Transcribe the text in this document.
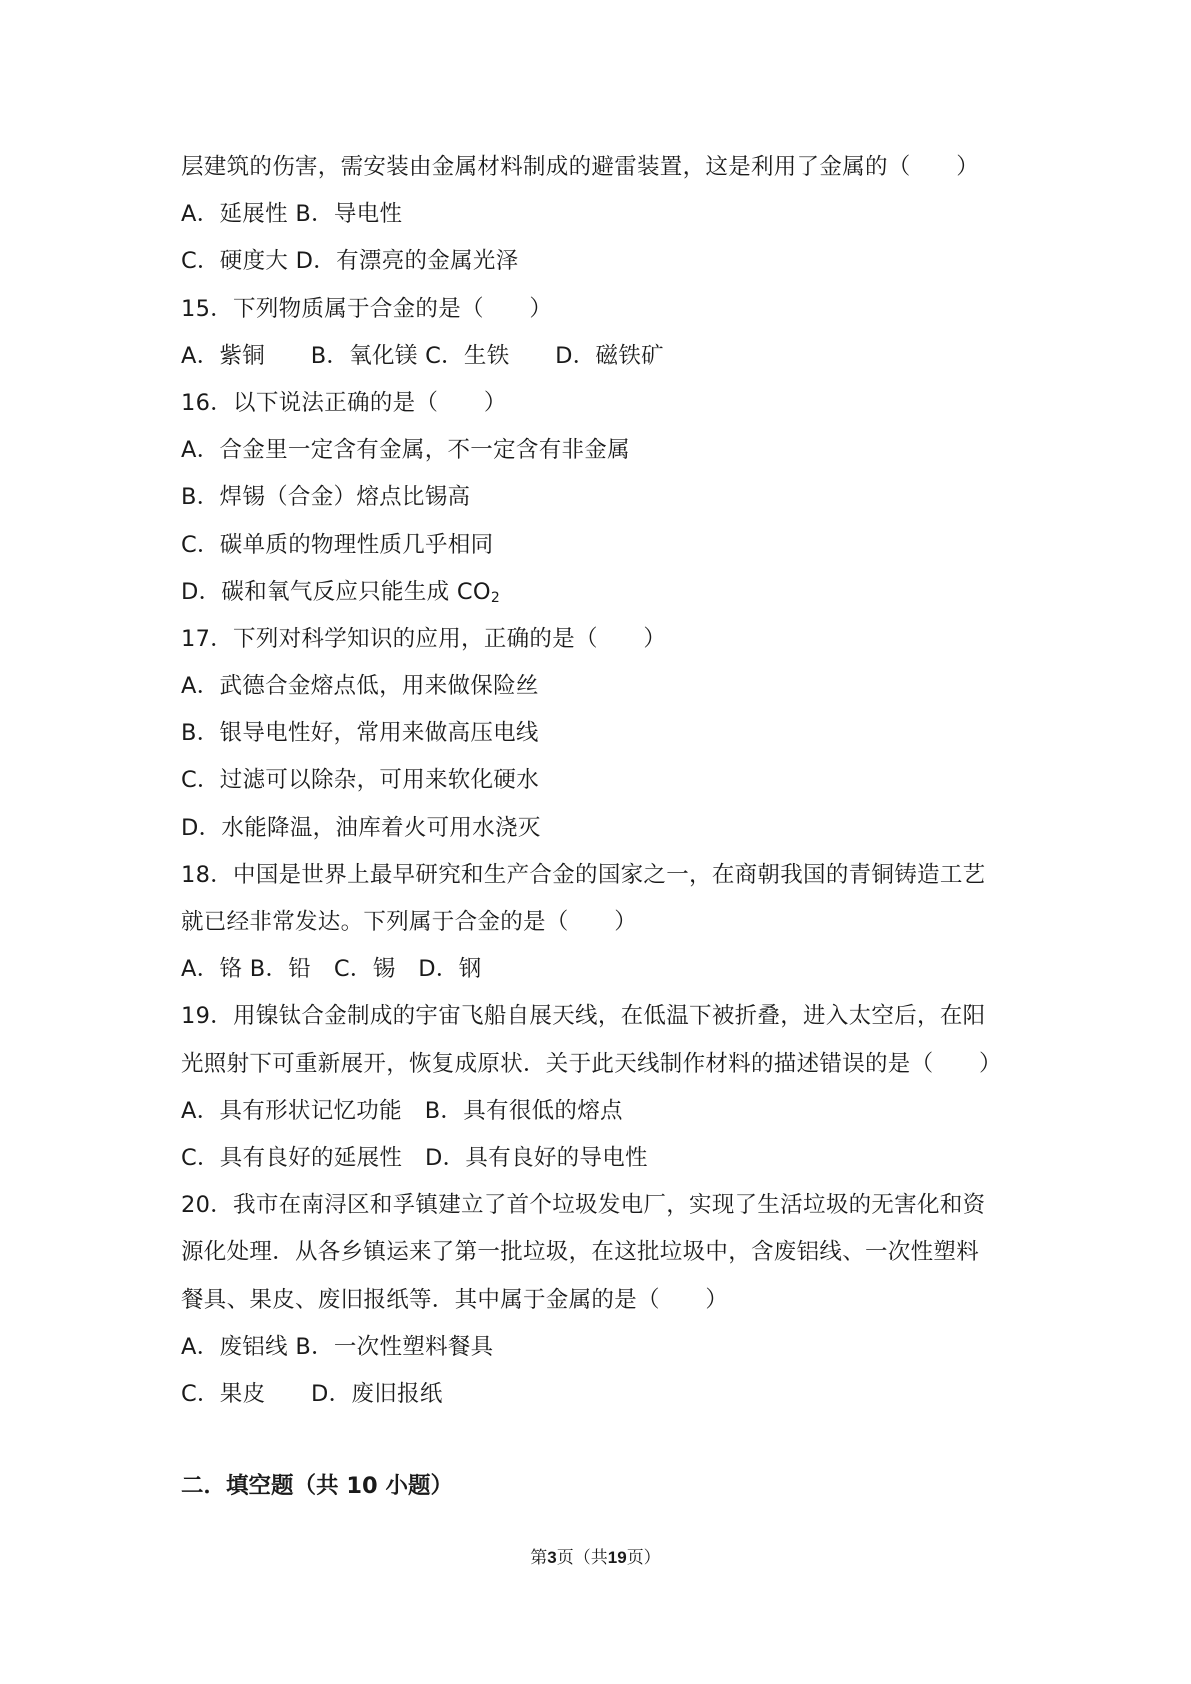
层建筑的伤害，需安装由金属材料制成的避雷装置，这是利用了金属的（　　）
A．延展性 B．导电性
C．硬度大 D．有漂亮的金属光泽
15．下列物质属于合金的是（　　）
A．紫铜　　B．氧化镁 C．生铁　　D．磁铁矿
16．以下说法正确的是（　　）
A．合金里一定含有金属，不一定含有非金属
B．焊锡（合金）熔点比锡高
C．碳单质的物理性质几乎相同
D．碳和氧气反应只能生成 $CO_2$
17．下列对科学知识的应用，正确的是（　　）
A．武德合金熔点低，用来做保险丝
B．银导电性好，常用来做高压电线
C．过滤可以除杂，可用来软化硬水
D．水能降温，油库着火可用水浇灭
18．中国是世界上最早研究和生产合金的国家之一，在商朝我国的青铜铸造工艺
就已经非常发达。下列属于合金的是（　　）
A．铬 B．铅　C．锡　D．钢
19．用镍钛合金制成的宇宙飞船自展天线，在低温下被折叠，进入太空后，在阳
光照射下可重新展开，恢复成原状．关于此天线制作材料的描述错误的是（　　）
A．具有形状记忆功能　B．具有很低的熔点
C．具有良好的延展性　D．具有良好的导电性
20．我市在南浔区和孚镇建立了首个垃圾发电厂，实现了生活垃圾的无害化和资
源化处理．从各乡镇运来了第一批垃圾，在这批垃圾中，含废铝线、一次性塑料
餐具、果皮、废旧报纸等．其中属于金属的是（　　）
A．废铝线 B．一次性塑料餐具
C．果皮　　D．废旧报纸
二．填空题（共 10 小题）
第3页（共19页）
